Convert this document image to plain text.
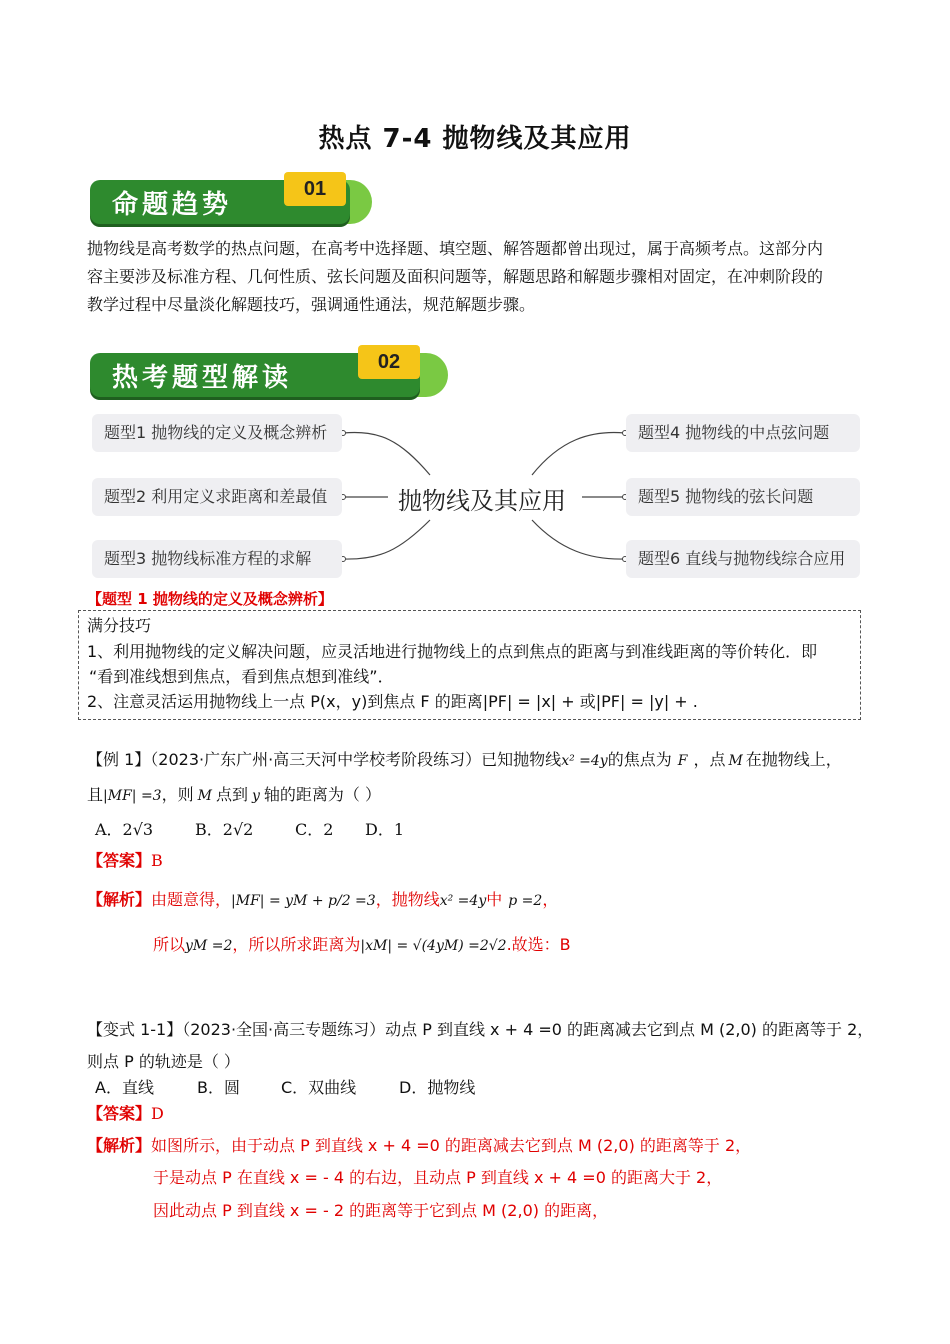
热点 7-4 抛物线及其应用
命题趋势
01
抛物线是高考数学的热点问题，在高考中选择题、填空题、解答题都曾出现过，属于高频考点。这部分内
容主要涉及标准方程、几何性质、弦长问题及面积问题等，解题思路和解题步骤相对固定，在冲刺阶段的
教学过程中尽量淡化解题技巧，强调通性通法，规范解题步骤。
热考题型解读
02
题型1 抛物线的定义及概念辨析
题型2 利用定义求距离和差最值
题型3 抛物线标准方程的求解
抛物线及其应用
题型4 抛物线的中点弦问题
题型5 抛物线的弦长问题
题型6 直线与抛物线综合应用
【题型 1 抛物线的定义及概念辨析】
满分技巧
1、利用抛物线的定义解决问题，应灵活地进行抛物线上的点到焦点的距离与到准线距离的等价转化．即
“看到准线想到焦点，看到焦点想到准线”．
2、注意灵活运用抛物线上一点 P(x，y)到焦点 F 的距离|PF| = |x| + 或|PF| = |y| + .
【例 1】（2023·广东广州·高三天河中学校考阶段练习）已知抛物线x² =4y的焦点为 F ，点 M 在抛物线上，
且|MF| =3，则 M 点到 y 轴的距离为（ ）
A．2√3	B．2√2	C．2 D．1
【答案】B
【解析】由题意得，|MF| = yM + p/2 =3，抛物线x² =4y中 p =2，
所以yM =2，所以所求距离为|xM| = √(4yM) =2√2.故选：B
【变式 1-1】（2023·全国·高三专题练习）动点 P 到直线 x + 4 =0 的距离减去它到点 M (2,0) 的距离等于 2，
则点 P 的轨迹是（ ）
A．直线	B．圆	C．双曲线	D．抛物线
【答案】D
【解析】如图所示，由于动点 P 到直线 x + 4 =0 的距离减去它到点 M (2,0) 的距离等于 2，
于是动点 P 在直线 x = - 4 的右边，且动点 P 到直线 x + 4 =0 的距离大于 2，
因此动点 P 到直线 x = - 2 的距离等于它到点 M (2,0) 的距离，
